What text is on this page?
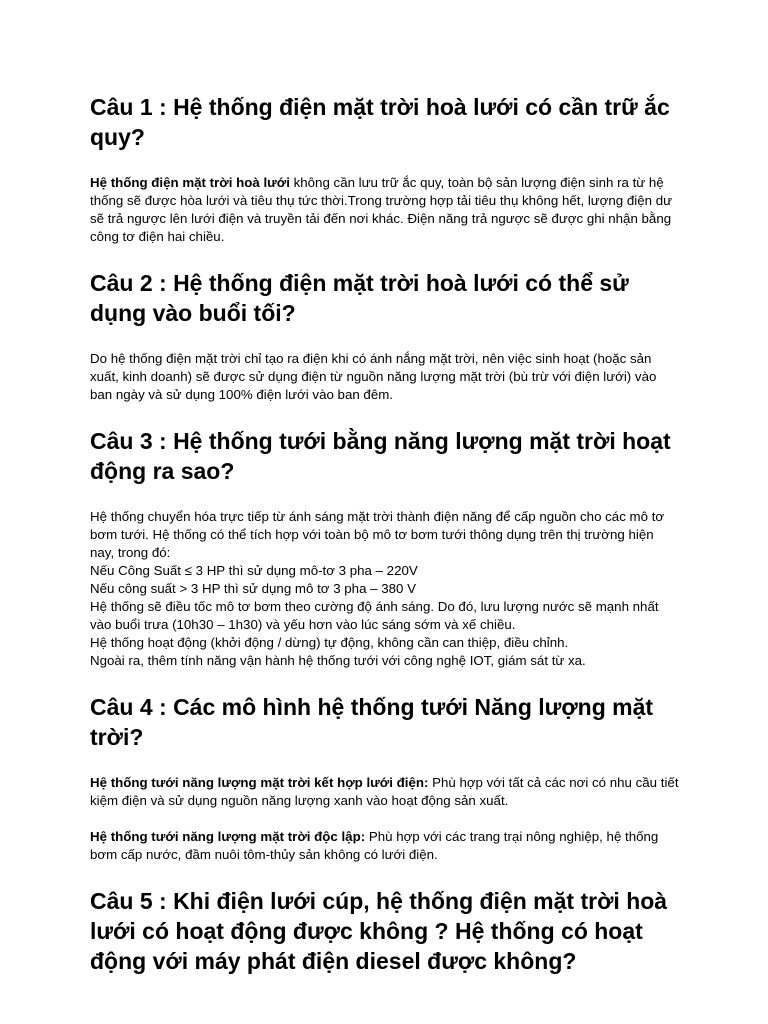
Câu 1 : Hệ thống điện mặt trời hoà lưới có cần trữ ắc quy?

Hệ thống điện mặt trời hoà lưới không cần lưu trữ ắc quy, toàn bộ sản lượng điện sinh ra từ hệ thống sẽ được hòa lưới và tiêu thụ tức thời.Trong trường hợp tải tiêu thụ không hết, lượng điện dư sẽ trả ngược lên lưới điện và truyền tải đến nơi khác. Điện năng trả ngược sẽ được ghi nhận bằng công tơ điện hai chiều.

Câu 2 : Hệ thống điện mặt trời hoà lưới có thể sử dụng vào buổi tối?

Do hệ thống điện mặt trời chỉ tạo ra điện khi có ánh nắng mặt trời, nên việc sinh hoạt (hoặc sản xuất, kinh doanh) sẽ được sử dụng điện từ nguồn năng lượng mặt trời (bù trừ với điện lưới) vào ban ngày và sử dụng 100% điện lưới vào ban đêm.

Câu 3 : Hệ thống tưới bằng năng lượng mặt trời hoạt động ra sao?

Hệ thống chuyển hóa trực tiếp từ ánh sáng mặt trời thành điện năng để cấp nguồn cho các mô tơ bơm tưới. Hệ thống có thể tích hợp với toàn bộ mô tơ bơm tưới thông dụng trên thị trường hiện nay, trong đó:

Nếu Công Suất ≤ 3 HP thì sử dụng mô-tơ 3 pha – 220V

Nếu công suất > 3 HP thì sử dụng mô tơ 3 pha – 380 V

Hệ thống sẽ điều tốc mô tơ bơm theo cường độ ánh sáng. Do đó, lưu lượng nước sẽ mạnh nhất vào buổi trưa (10h30 – 1h30) và yếu hơn vào lúc sáng sớm và xế chiều.

Hệ thống hoạt động (khởi động / dừng) tự động, không cần can thiệp, điều chỉnh.

Ngoài ra, thêm tính năng vận hành hệ thống tưới với công nghệ IOT, giám sát từ xa.

Câu 4 : Các mô hình hệ thống tưới Năng lượng mặt trời?

Hệ thống tưới năng lượng mặt trời kết hợp lưới điện: Phù hợp với tất cả các nơi có nhu cầu tiết kiệm điện và sử dụng nguồn năng lượng xanh vào hoạt động sản xuất.

Hệ thống tưới năng lượng mặt trời độc lập: Phù hợp với các trang trại nông nghiệp, hệ thống bơm cấp nước, đầm nuôi tôm-thủy sản không có lưới điện.

Câu 5 : Khi điện lưới cúp, hệ thống điện mặt trời hoà lưới có hoạt động được không ? Hệ thống có hoạt động với máy phát điện diesel được không?
